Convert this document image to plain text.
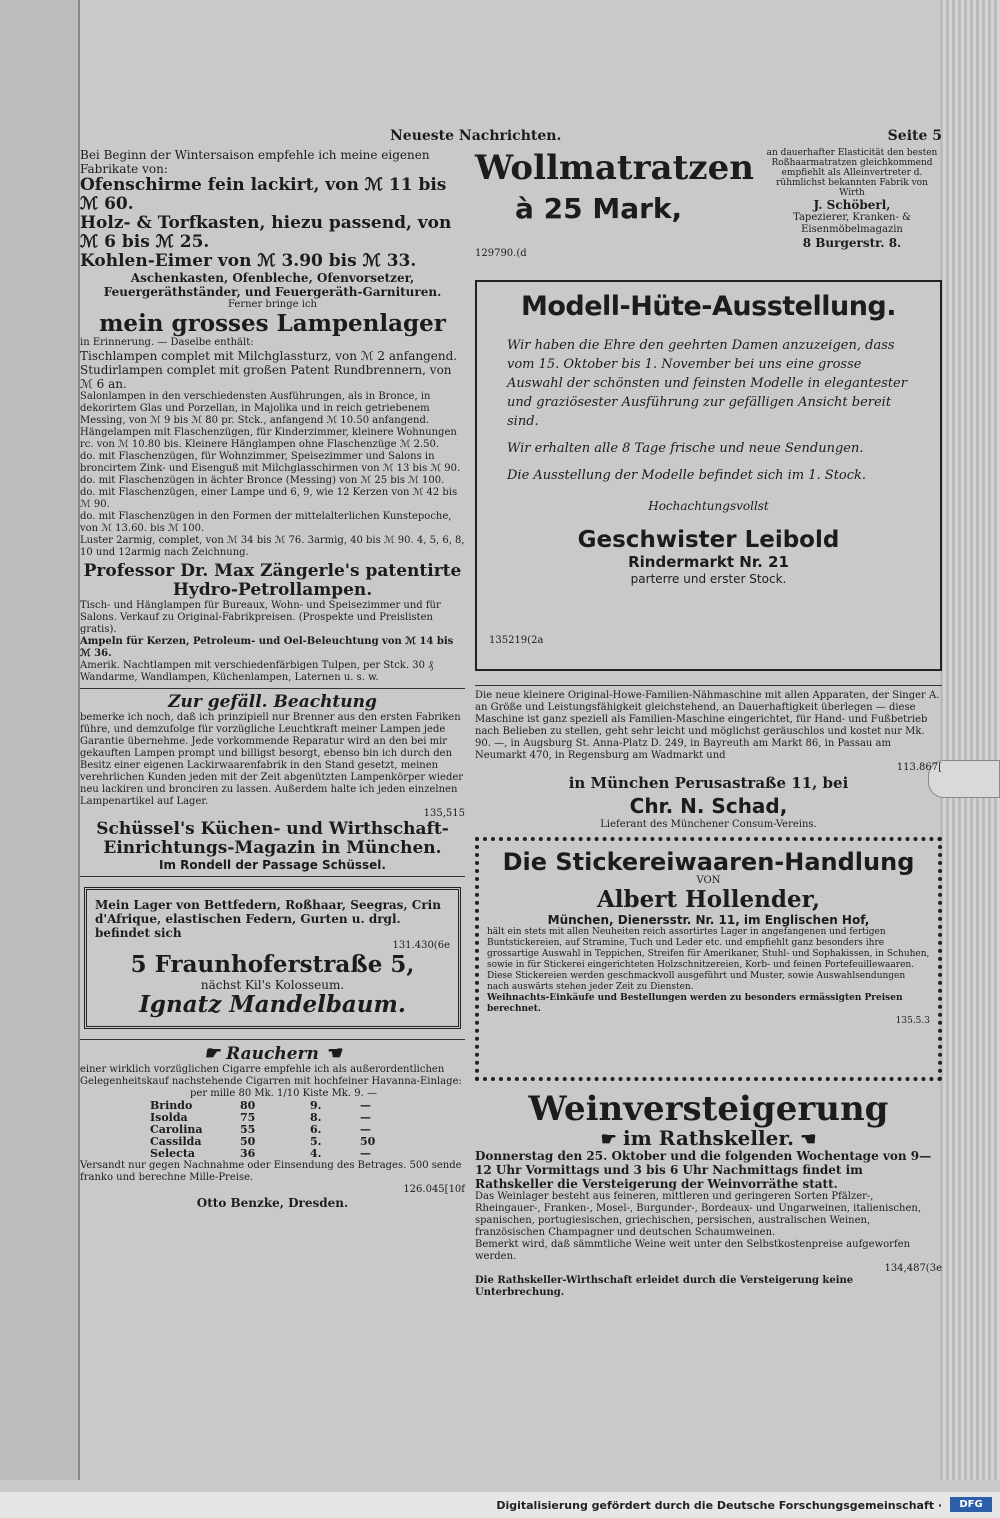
Neueste Nachrichten.	Seite 5

Bei Beginn der Wintersaison empfehle ich meine eigenen Fabrikate von:

Ofenschirme fein lackirt, von ℳ 11 bis ℳ 60.

Holz- & Torfkasten, hiezu passend, von ℳ 6 bis ℳ 25.

Kohlen-Eimer von ℳ 3.90 bis ℳ 33.

Aschenkasten, Ofenbleche, Ofenvorsetzer, Feuergeräthständer, und Feuergeräth-Garnituren.

Ferner bringe ich

mein grosses Lampenlager

in Erinnerung. — Daselbe enthält:

Tischlampen complet mit Milchglassturz, von ℳ 2 anfangend.

Studirlampen complet mit großen Patent Rundbrennern, von ℳ 6 an.

Salonlampen in den verschiedensten Ausführungen, als in Bronce, in dekorirtem Glas und Porzellan, in Majolika und in reich getriebenem Messing, von ℳ 9 bis ℳ 80 pr. Stck., anfangend ℳ 10.50 anfangend.

Hängelampen mit Flaschenzügen, für Kinderzimmer, kleinere Wohnungen rc. von ℳ 10.80 bis. Kleinere Hänglampen ohne Flaschenzüge ℳ 2.50.

do. mit Flaschenzügen, für Wohnzimmer, Speisezimmer und Salons in broncirtem Zink- und Eisenguß mit Milchglasschirmen von ℳ 13 bis ℳ 90.

do. mit Flaschenzügen in ächter Bronce (Messing) von ℳ 25 bis ℳ 100.

do. mit Flaschenzügen, einer Lampe und 6, 9, wie 12 Kerzen von ℳ 42 bis ℳ 90.

do. mit Flaschenzügen in den Formen der mittelalterlichen Kunstepoche, von ℳ 13.60. bis ℳ 100.

Luster 2armig, complet, von ℳ 34 bis ℳ 76. 3armig, 40 bis ℳ 90. 4, 5, 6, 8, 10 und 12armig nach Zeichnung.

Professor Dr. Max Zängerle's patentirte Hydro-Petrollampen.

Tisch- und Hänglampen für Bureaux, Wohn- und Speisezimmer und für Salons. Verkauf zu Original-Fabrikpreisen. (Prospekte und Preislisten gratis).

Ampeln für Kerzen, Petroleum- und Oel-Beleuchtung von ℳ 14 bis ℳ 36.

Amerik. Nachtlampen mit verschiedenfärbigen Tulpen, per Stck. 30 ₰ Wandarme, Wandlampen, Küchenlampen, Laternen u. s. w.

Zur gefäll. Beachtung

bemerke ich noch, daß ich prinzipiell nur Brenner aus den ersten Fabriken führe, und demzufolge für vorzügliche Leuchtkraft meiner Lampen jede Garantie übernehme. Jede vorkommende Reparatur wird an den bei mir gekauften Lampen prompt und billigst besorgt, ebenso bin ich durch den Besitz einer eigenen Lackirwaarenfabrik in den Stand gesetzt, meinen verehrlichen Kunden jeden mit der Zeit abgenützten Lampenkörper wieder neu lackiren und bronciren zu lassen. Außerdem halte ich jeden einzelnen Lampenartikel auf Lager.

135,515

Schüssel's Küchen- und Wirthschaft-Einrichtungs-Magazin in München.

Im Rondell der Passage Schüssel.

Mein Lager von Bettfedern, Roßhaar, Seegras, Crin d'Afrique, elastischen Federn, Gurten u. drgl. befindet sich

131.430(6e

5 Fraunhoferstraße 5,

nächst Kil's Kolosseum.

Ignatz Mandelbaum.

☛ Rauchern ☚

einer wirklich vorzüglichen Cigarre empfehle ich als außerordentlichen Gelegenheitskauf nachstehende Cigarren mit hochfeiner Havanna-Einlage:

per mille 80 Mk. 1/10 Kiste Mk. 9. —

Brindo	80	9.	—
Isolda	75	8.	—
Carolina	55	6.	—
Cassilda	50	5.	50
Selecta	36	4.	—

Versandt nur gegen Nachnahme oder Einsendung des Betrages. 500 sende franko und berechne Mille-Preise.

126.045[10f

Otto Benzke, Dresden.

Wollmatratzen

à 25 Mark,

129790.(d

an dauerhafter Elasticität den besten Roßhaarmatratzen gleichkommend empfiehlt als Alleinvertreter d. rühmlichst bekannten Fabrik von Wirth

J. Schöberl,

Tapezierer, Kranken- & Eisenmöbelmagazin

8 Burgerstr. 8.

Modell-Hüte-Ausstellung.

Wir haben die Ehre den geehrten Damen anzuzeigen, dass vom 15. Oktober bis 1. November bei uns eine grosse Auswahl der schönsten und feinsten Modelle in elegantester und graziösester Ausführung zur gefälligen Ansicht bereit sind.

Wir erhalten alle 8 Tage frische und neue Sendungen.

Die Ausstellung der Modelle befindet sich im 1. Stock.

Hochachtungsvollst

Geschwister Leibold

Rindermarkt Nr. 21

parterre und erster Stock.

135219(2a

Die neue kleinere Original-Howe-Familien-Nähmaschine mit allen Apparaten, der Singer A. an Größe und Leistungsfähigkeit gleichstehend, an Dauerhaftigkeit überlegen — diese Maschine ist ganz speziell als Familien-Maschine eingerichtet, für Hand- und Fußbetrieb nach Belieben zu stellen, geht sehr leicht und möglichst geräuschlos und kostet nur Mk. 90. —, in Augsburg St. Anna-Platz D. 249, in Bayreuth am Markt 86, in Passau am Neumarkt 470, in Regensburg am Wadmarkt und

113.867[

in München Perusastraße 11, bei

Chr. N. Schad,

Lieferant des Münchener Consum-Vereins.

Die Stickereiwaaren-Handlung

VON

Albert Hollender,

München, Dienersstr. Nr. 11, im Englischen Hof,

hält ein stets mit allen Neuheiten reich assortirtes Lager in angefangenen und fertigen Buntstickereien, auf Stramine, Tuch und Leder etc. und empfiehlt ganz besonders ihre grossartige Auswahl in Teppichen, Streifen für Amerikaner, Stuhl- und Sophakissen, in Schuhen, sowie in für Stickerei eingerichteten Holzschnitzereien, Korb- und feinen Portefeuillewaaren. Diese Stickereien werden geschmackvoll ausgeführt und Muster, sowie Auswahlsendungen nach auswärts stehen jeder Zeit zu Diensten.

Weihnachts-Einkäufe und Bestellungen werden zu besonders ermässigten Preisen berechnet.

135.5.3

Weinversteigerung

☛ im Rathskeller. ☚

Donnerstag den 25. Oktober und die folgenden Wochentage von 9—12 Uhr Vormittags und 3 bis 6 Uhr Nachmittags findet im Rathskeller die Versteigerung der Weinvorräthe statt.

Das Weinlager besteht aus feineren, mittleren und geringeren Sorten Pfälzer-, Rheingauer-, Franken-, Mosel-, Burgunder-, Bordeaux- und Ungarweinen, italienischen, spanischen, portugiesischen, griechischen, persischen, australischen Weinen, französischen Champagner und deutschen Schaumweinen.

Bemerkt wird, daß sämmtliche Weine weit unter den Selbstkostenpreise aufgeworfen werden.

134,487(3e

Die Rathskeller-Wirthschaft erleidet durch die Versteigerung keine Unterbrechung.

Digitalisierung gefördert durch die Deutsche Forschungsgemeinschaft ·	DFG
